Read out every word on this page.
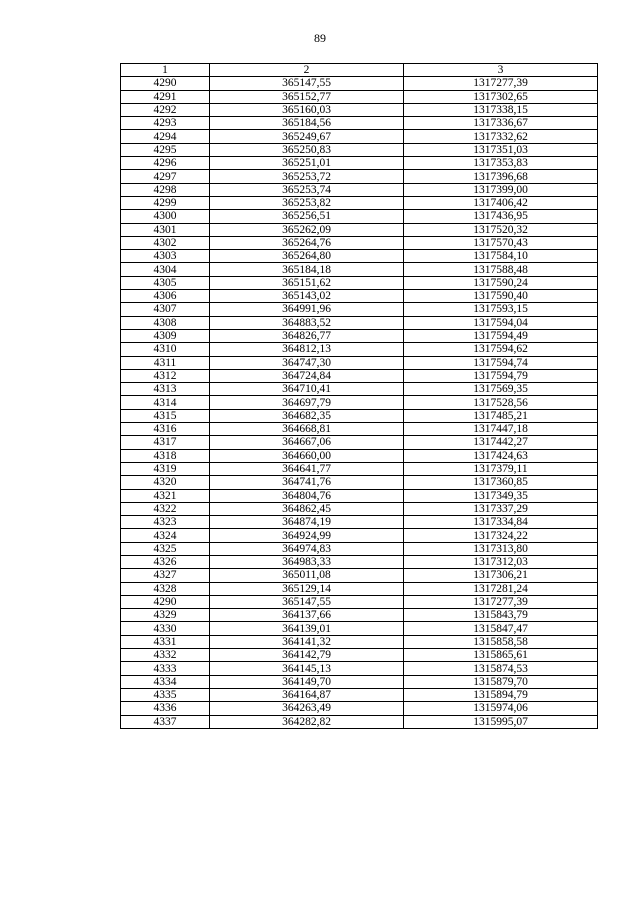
89
1	2	3
4290	365147,55	1317277,39
4291	365152,77	1317302,65
4292	365160,03	1317338,15
4293	365184,56	1317336,67
4294	365249,67	1317332,62
4295	365250,83	1317351,03
4296	365251,01	1317353,83
4297	365253,72	1317396,68
4298	365253,74	1317399,00
4299	365253,82	1317406,42
4300	365256,51	1317436,95
4301	365262,09	1317520,32
4302	365264,76	1317570,43
4303	365264,80	1317584,10
4304	365184,18	1317588,48
4305	365151,62	1317590,24
4306	365143,02	1317590,40
4307	364991,96	1317593,15
4308	364883,52	1317594,04
4309	364826,77	1317594,49
4310	364812,13	1317594,62
4311	364747,30	1317594,74
4312	364724,84	1317594,79
4313	364710,41	1317569,35
4314	364697,79	1317528,56
4315	364682,35	1317485,21
4316	364668,81	1317447,18
4317	364667,06	1317442,27
4318	364660,00	1317424,63
4319	364641,77	1317379,11
4320	364741,76	1317360,85
4321	364804,76	1317349,35
4322	364862,45	1317337,29
4323	364874,19	1317334,84
4324	364924,99	1317324,22
4325	364974,83	1317313,80
4326	364983,33	1317312,03
4327	365011,08	1317306,21
4328	365129,14	1317281,24
4290	365147,55	1317277,39
4329	364137,66	1315843,79
4330	364139,01	1315847,47
4331	364141,32	1315858,58
4332	364142,79	1315865,61
4333	364145,13	1315874,53
4334	364149,70	1315879,70
4335	364164,87	1315894,79
4336	364263,49	1315974,06
4337	364282,82	1315995,07
